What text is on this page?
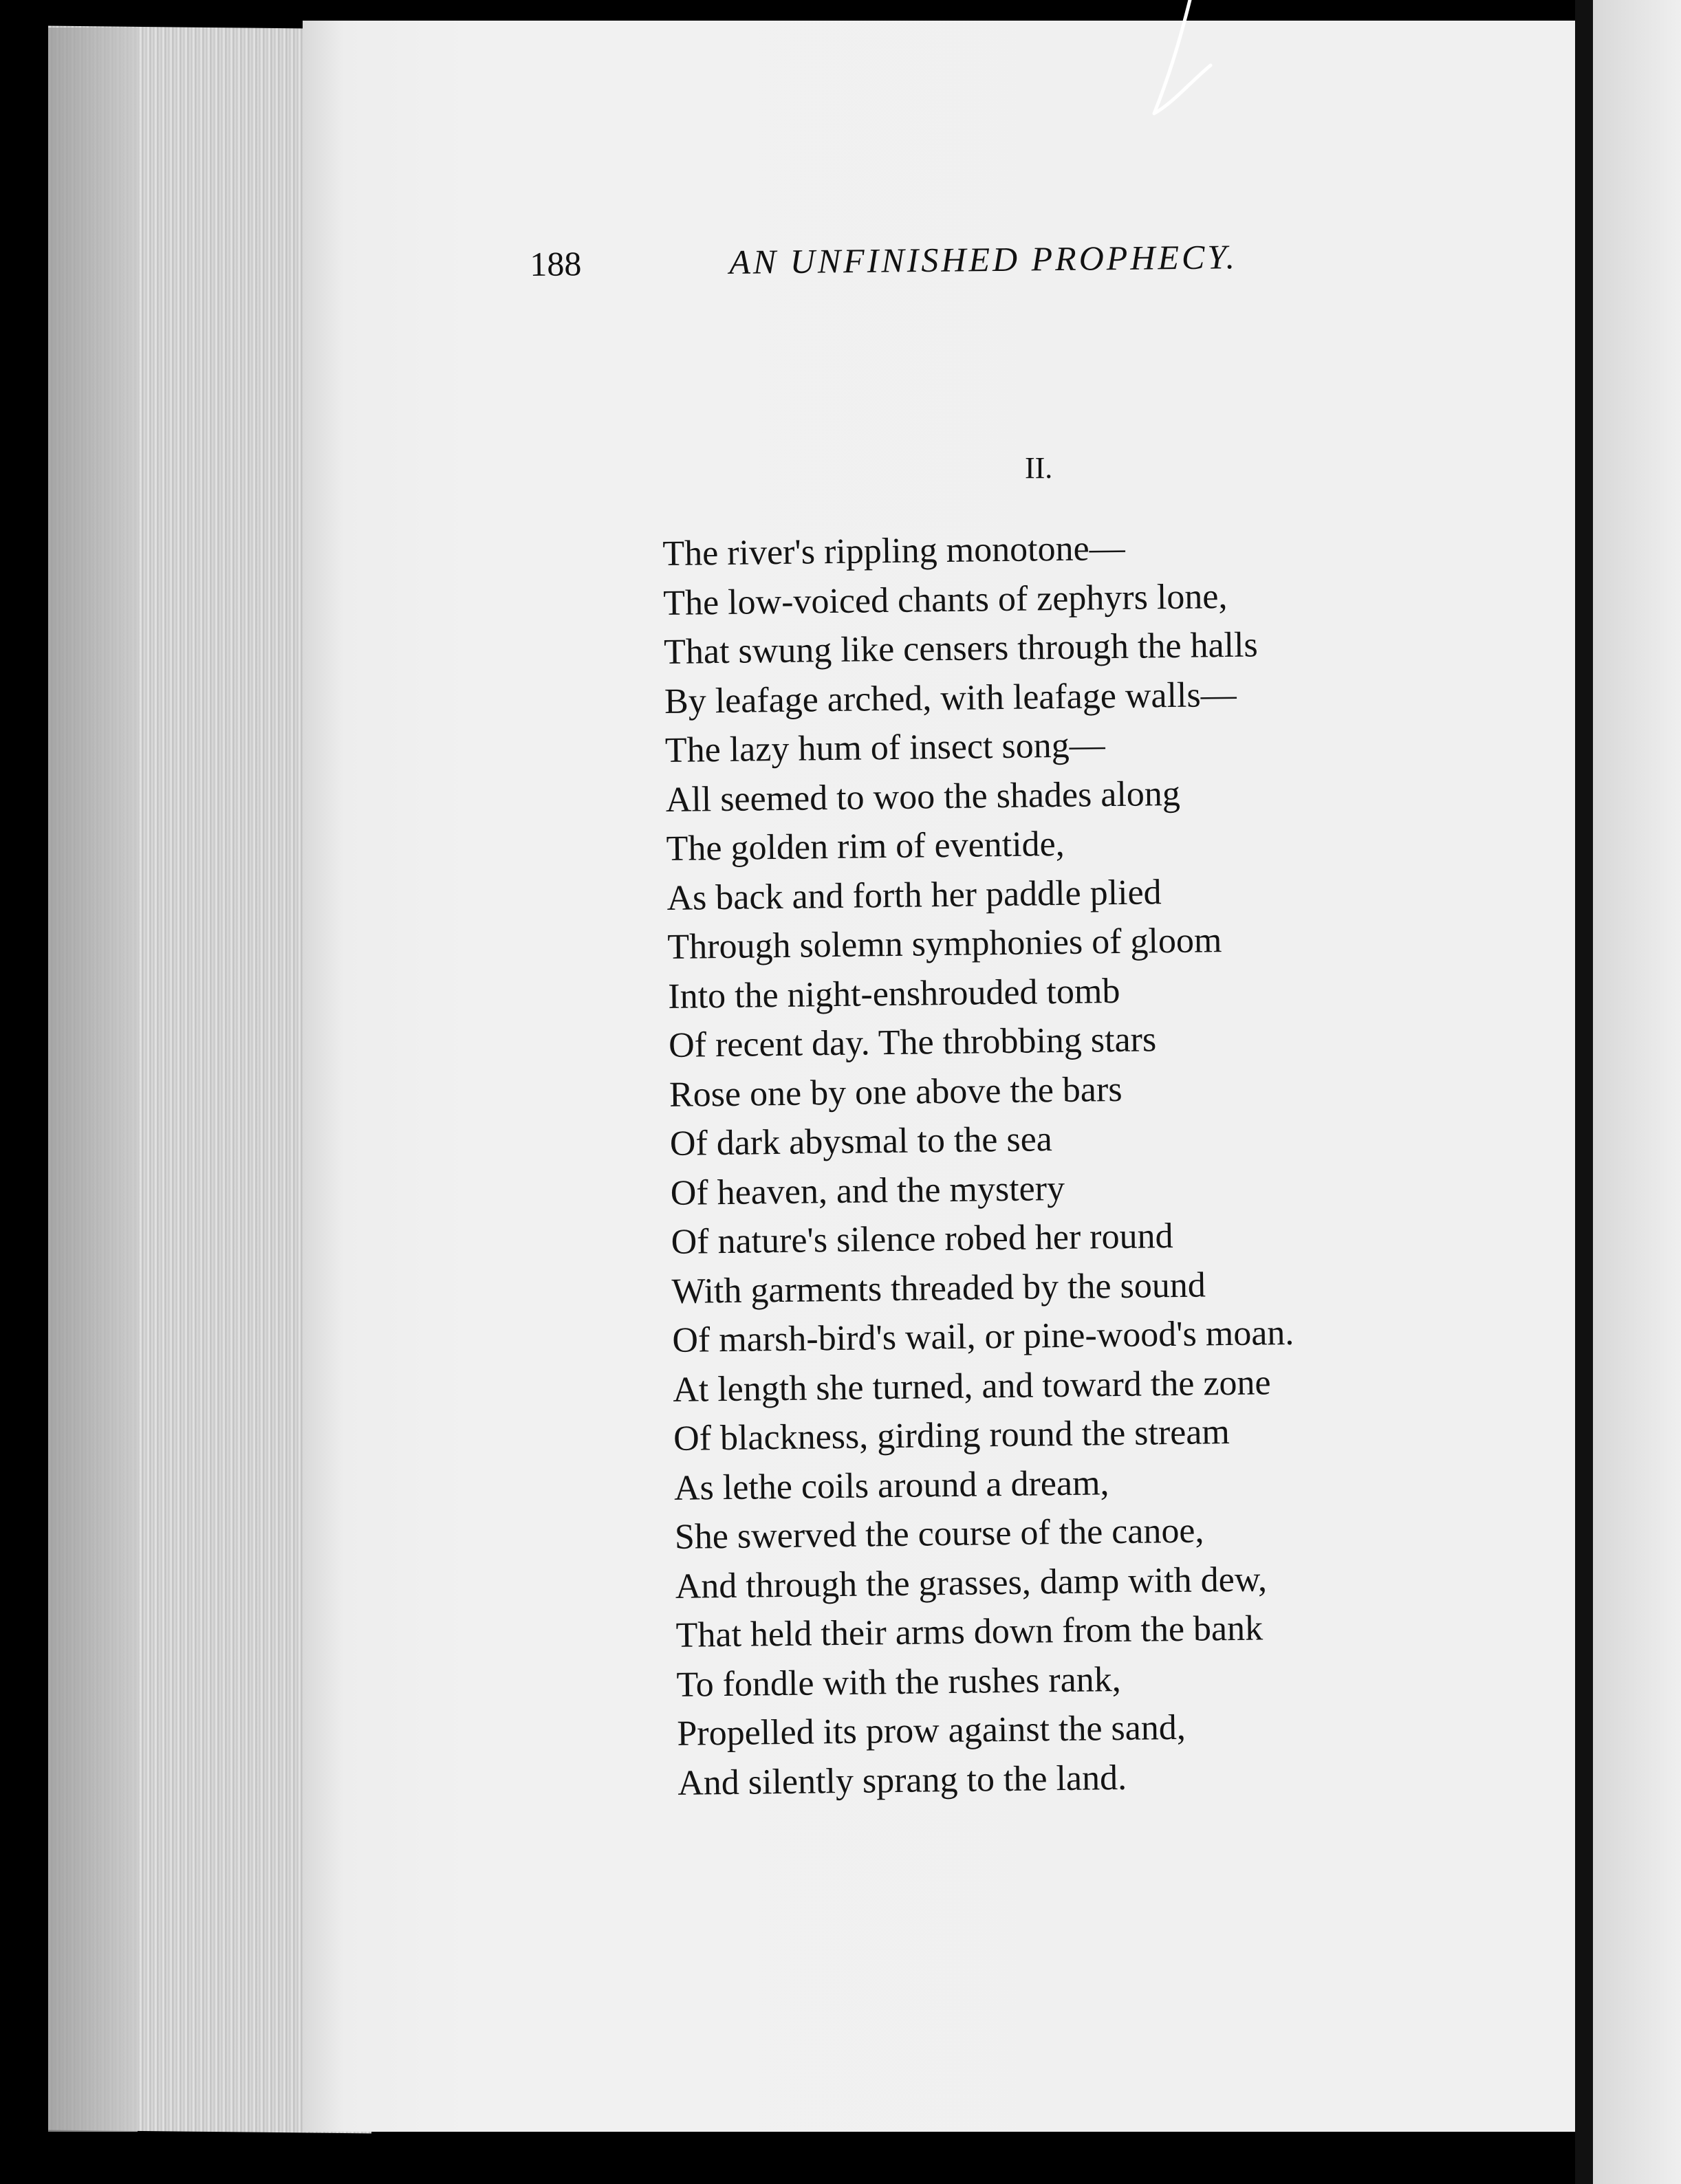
188	AN UNFINISHED PROPHECY.
II.
The river's rippling monotone—
The low-voiced chants of zephyrs lone,
That swung like censers through the halls
By leafage arched, with leafage walls—
The lazy hum of insect song—
All seemed to woo the shades along
The golden rim of eventide,
As back and forth her paddle plied
Through solemn symphonies of gloom
Into the night-enshrouded tomb
Of recent day. The throbbing stars
Rose one by one above the bars
Of dark abysmal to the sea
Of heaven, and the mystery
Of nature's silence robed her round
With garments threaded by the sound
Of marsh-bird's wail, or pine-wood's moan.
At length she turned, and toward the zone
Of blackness, girding round the stream
As lethe coils around a dream,
She swerved the course of the canoe,
And through the grasses, damp with dew,
That held their arms down from the bank
To fondle with the rushes rank,
Propelled its prow against the sand,
And silently sprang to the land.
